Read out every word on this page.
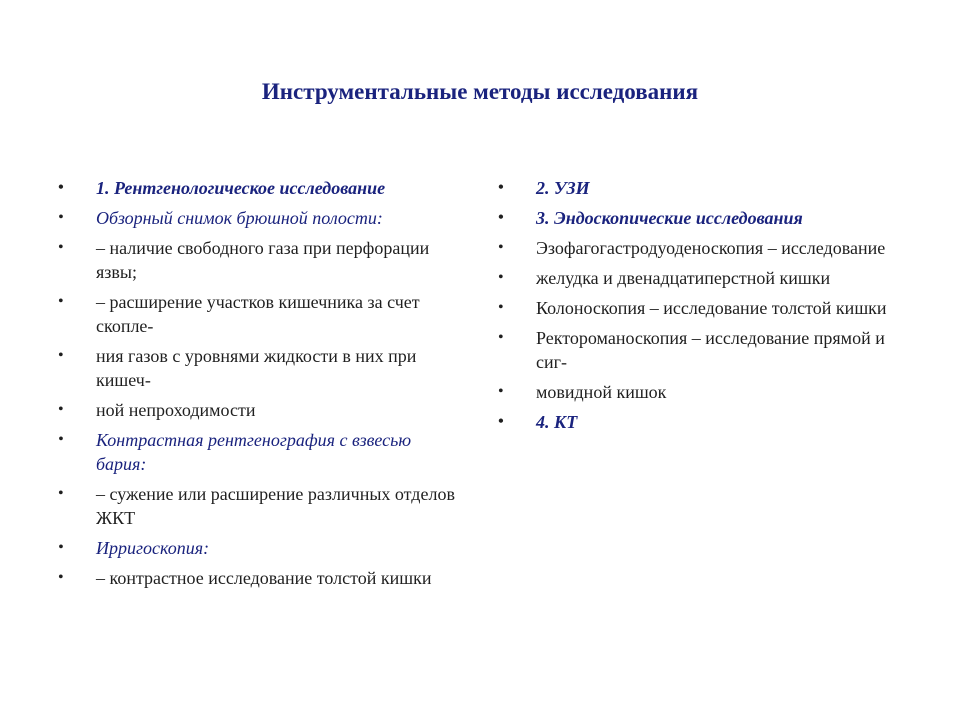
Инструментальные методы исследования
• 1. Рентгенологическое исследование
• Обзорный снимок брюшной полости:
• – наличие свободного газа при перфорации язвы;
• – расширение участков кишечника за счет скопле-
• ния газов с уровнями жидкости в них при кишеч-
• ной непроходимости
• Контрастная рентгенография с взвесью бария:
• – сужение или расширение различных отделов ЖКТ
• Ирригоскопия:
• – контрастное исследование толстой кишки
• 2. УЗИ
• 3. Эндоскопические исследования
• Эзофагогастродуоденоскопия – исследование
• желудка и двенадцатиперстной кишки
• Колоноскопия – исследование толстой кишки
• Ректороманоскопия – исследование прямой и сиг-
• мовидной кишок
• 4. КТ
